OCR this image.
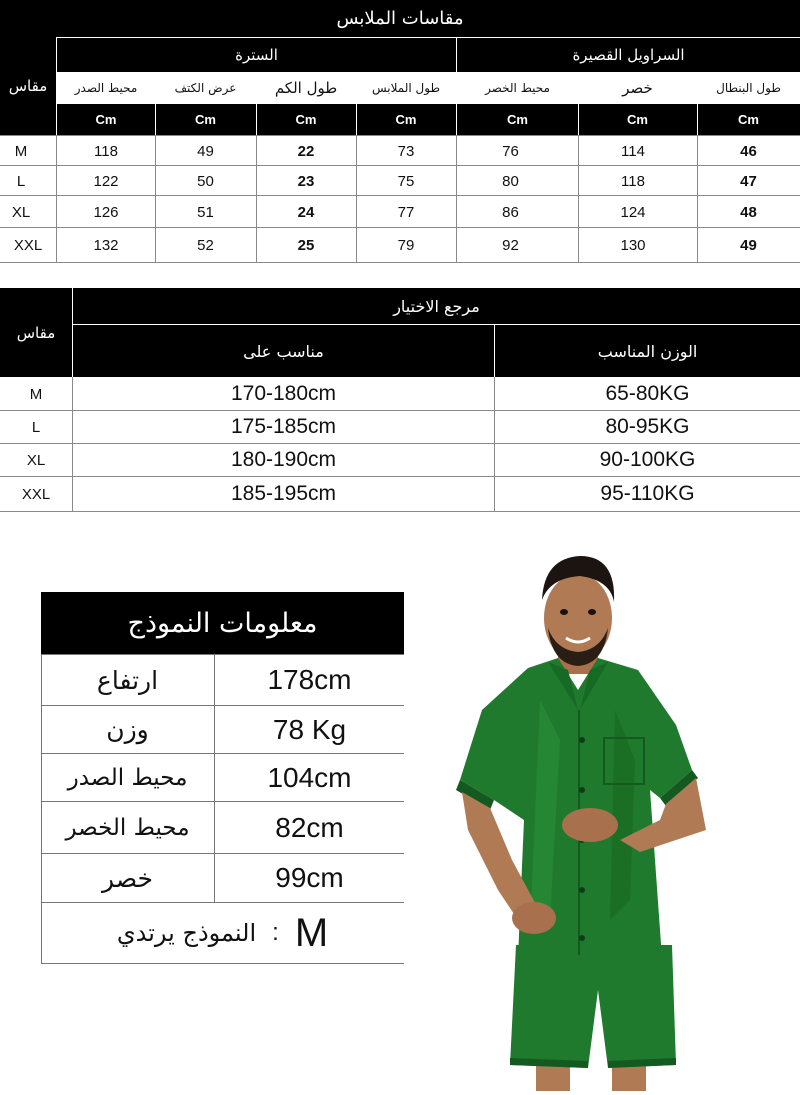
مقاسات الملابس
مقاس
السترة	السراويل القصيرة
محيط الصدر	عرض الكتف	طول الكم	طول الملابس	محيط الخصر	خصر	طول البنطال
Cm	Cm	Cm	Cm	Cm	Cm	Cm
M	118	49	22	73	76	114	46
L	122	50	23	75	80	118	47
XL	126	51	24	77	86	124	48
XXL	132	52	25	79	92	130	49
مرجع الاختيار
مقاس
مناسب على	الوزن المناسب
M	170-180cm	65-80KG
L	175-185cm	80-95KG
XL	180-190cm	90-100KG
XXL	185-195cm	95-110KG
معلومات النموذج
ارتفاع	178cm
وزن	78 Kg
محيط الصدر	104cm
محيط الخصر	82cm
خصر	99cm
النموذج يرتدي : M
